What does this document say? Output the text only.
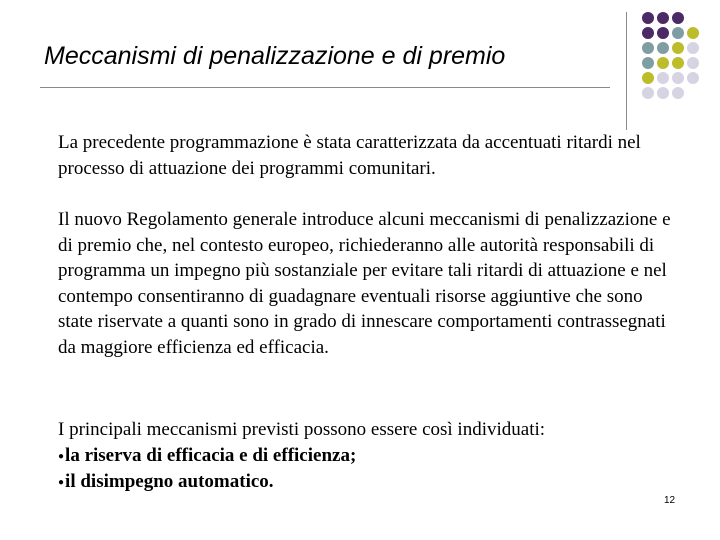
Meccanismi di penalizzazione e di premio

La precedente programmazione è stata caratterizzata da accentuati ritardi nel processo di attuazione dei programmi comunitari.

Il nuovo Regolamento generale introduce alcuni meccanismi di penalizzazione e di premio che, nel contesto europeo, richiederanno alle autorità responsabili di programma un impegno più sostanziale per evitare tali ritardi di attuazione e nel contempo consentiranno di guadagnare eventuali risorse aggiuntive che sono state riservate a quanti sono in grado di innescare comportamenti contrassegnati da maggiore efficienza ed efficacia.

I principali meccanismi previsti possono essere così individuati:
●la riserva di efficacia e di efficienza;
●il disimpegno automatico.
12
